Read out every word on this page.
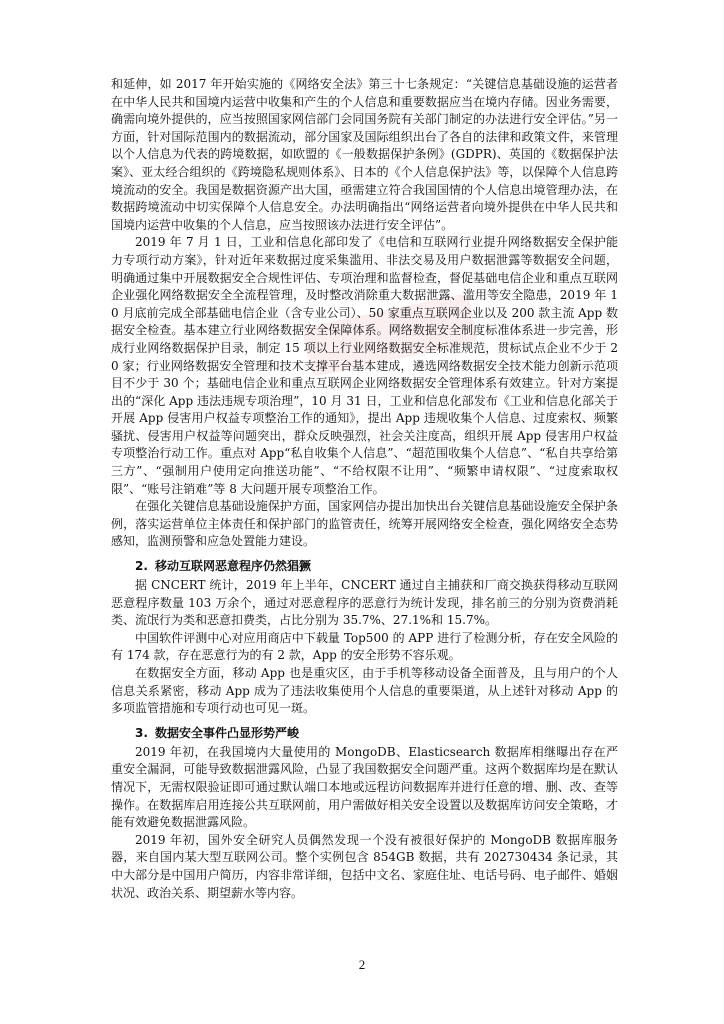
和延伸，如 2017 年开始实施的《网络安全法》第三十七条规定：“关键信息基础设施的运营者在中华人民共和国境内运营中收集和产生的个人信息和重要数据应当在境内存储。因业务需要，确需向境外提供的，应当按照国家网信部门会同国务院有关部门制定的办法进行安全评估。”另一方面，针对国际范围内的数据流动，部分国家及国际组织出台了各自的法律和政策文件，来管理以个人信息为代表的跨境数据，如欧盟的《一般数据保护条例》(GDPR)、英国的《数据保护法案》、亚太经合组织的《跨境隐私规则体系》、日本的《个人信息保护法》等，以保障个人信息跨境流动的安全。我国是数据资源产出大国，亟需建立符合我国国情的个人信息出境管理办法，在数据跨境流动中切实保障个人信息安全。办法明确指出“网络运营者向境外提供在中华人民共和国境内运营中收集的个人信息，应当按照该办法进行安全评估”。

2019 年 7 月 1 日，工业和信息化部印发了《电信和互联网行业提升网络数据安全保护能力专项行动方案》，针对近年来数据过度采集滥用、非法交易及用户数据泄露等数据安全问题，明确通过集中开展数据安全合规性评估、专项治理和监督检查，督促基础电信企业和重点互联网企业强化网络数据安全全流程管理，及时整改消除重大数据泄露、滥用等安全隐患，2019 年 10 月底前完成全部基础电信企业（含专业公司）、50 家重点互联网企业以及 200 款主流 App 数据安全检查。基本建立行业网络数据安全保障体系。网络数据安全制度标准体系进一步完善，形成行业网络数据保护目录，制定 15 项以上行业网络数据安全标准规范，贯标试点企业不少于 20 家；行业网络数据安全管理和技术支撑平台基本建成，遴选网络数据安全技术能力创新示范项目不少于 30 个；基础电信企业和重点互联网企业网络数据安全管理体系有效建立。针对方案提出的“深化 App 违法违规专项治理”，10 月 31 日，工业和信息化部发布《工业和信息化部关于开展 App 侵害用户权益专项整治工作的通知》，提出 App 违规收集个人信息、过度索权、频繁骚扰、侵害用户权益等问题突出，群众反映强烈，社会关注度高，组织开展 App 侵害用户权益专项整治行动工作。重点对 App“私自收集个人信息”、“超范围收集个人信息”、“私自共享给第三方”、“强制用户使用定向推送功能”、“不给权限不让用”、“频繁申请权限”、“过度索取权限”、“账号注销难”等 8 大问题开展专项整治工作。

在强化关键信息基础设施保护方面，国家网信办提出加快出台关键信息基础设施安全保护条例，落实运营单位主体责任和保护部门的监管责任，统筹开展网络安全检查，强化网络安全态势感知，监测预警和应急处置能力建设。

2. 移动互联网恶意程序仍然猖獗

据 CNCERT 统计，2019 年上半年，CNCERT 通过自主捕获和厂商交换获得移动互联网恶意程序数量 103 万余个，通过对恶意程序的恶意行为统计发现，排名前三的分别为资费消耗类、流氓行为类和恶意扣费类，占比分别为 35.7%、27.1%和 15.7%。

中国软件评测中心对应用商店中下载量 Top500 的 APP 进行了检测分析，存在安全风险的有 174 款，存在恶意行为的有 2 款，App 的安全形势不容乐观。

在数据安全方面，移动 App 也是重灾区，由于手机等移动设备全面普及，且与用户的个人信息关系紧密，移动 App 成为了违法收集使用个人信息的重要渠道，从上述针对移动 App 的多项监管措施和专项行动也可见一斑。

3. 数据安全事件凸显形势严峻

2019 年初，在我国境内大量使用的 MongoDB、Elasticsearch 数据库相继曝出存在严重安全漏洞，可能导致数据泄露风险，凸显了我国数据安全问题严重。这两个数据库均是在默认情况下，无需权限验证即可通过默认端口本地或远程访问数据库并进行任意的增、删、改、查等操作。在数据库启用连接公共互联网前，用户需做好相关安全设置以及数据库访问安全策略，才能有效避免数据泄露风险。

2019 年初，国外安全研究人员偶然发现一个没有被很好保护的 MongoDB 数据库服务器，来自国内某大型互联网公司。整个实例包含 854GB 数据，共有 202730434 条记录，其中大部分是中国用户简历，内容非常详细，包括中文名、家庭住址、电话号码、电子邮件、婚姻状况、政治关系、期望薪水等内容。

2
